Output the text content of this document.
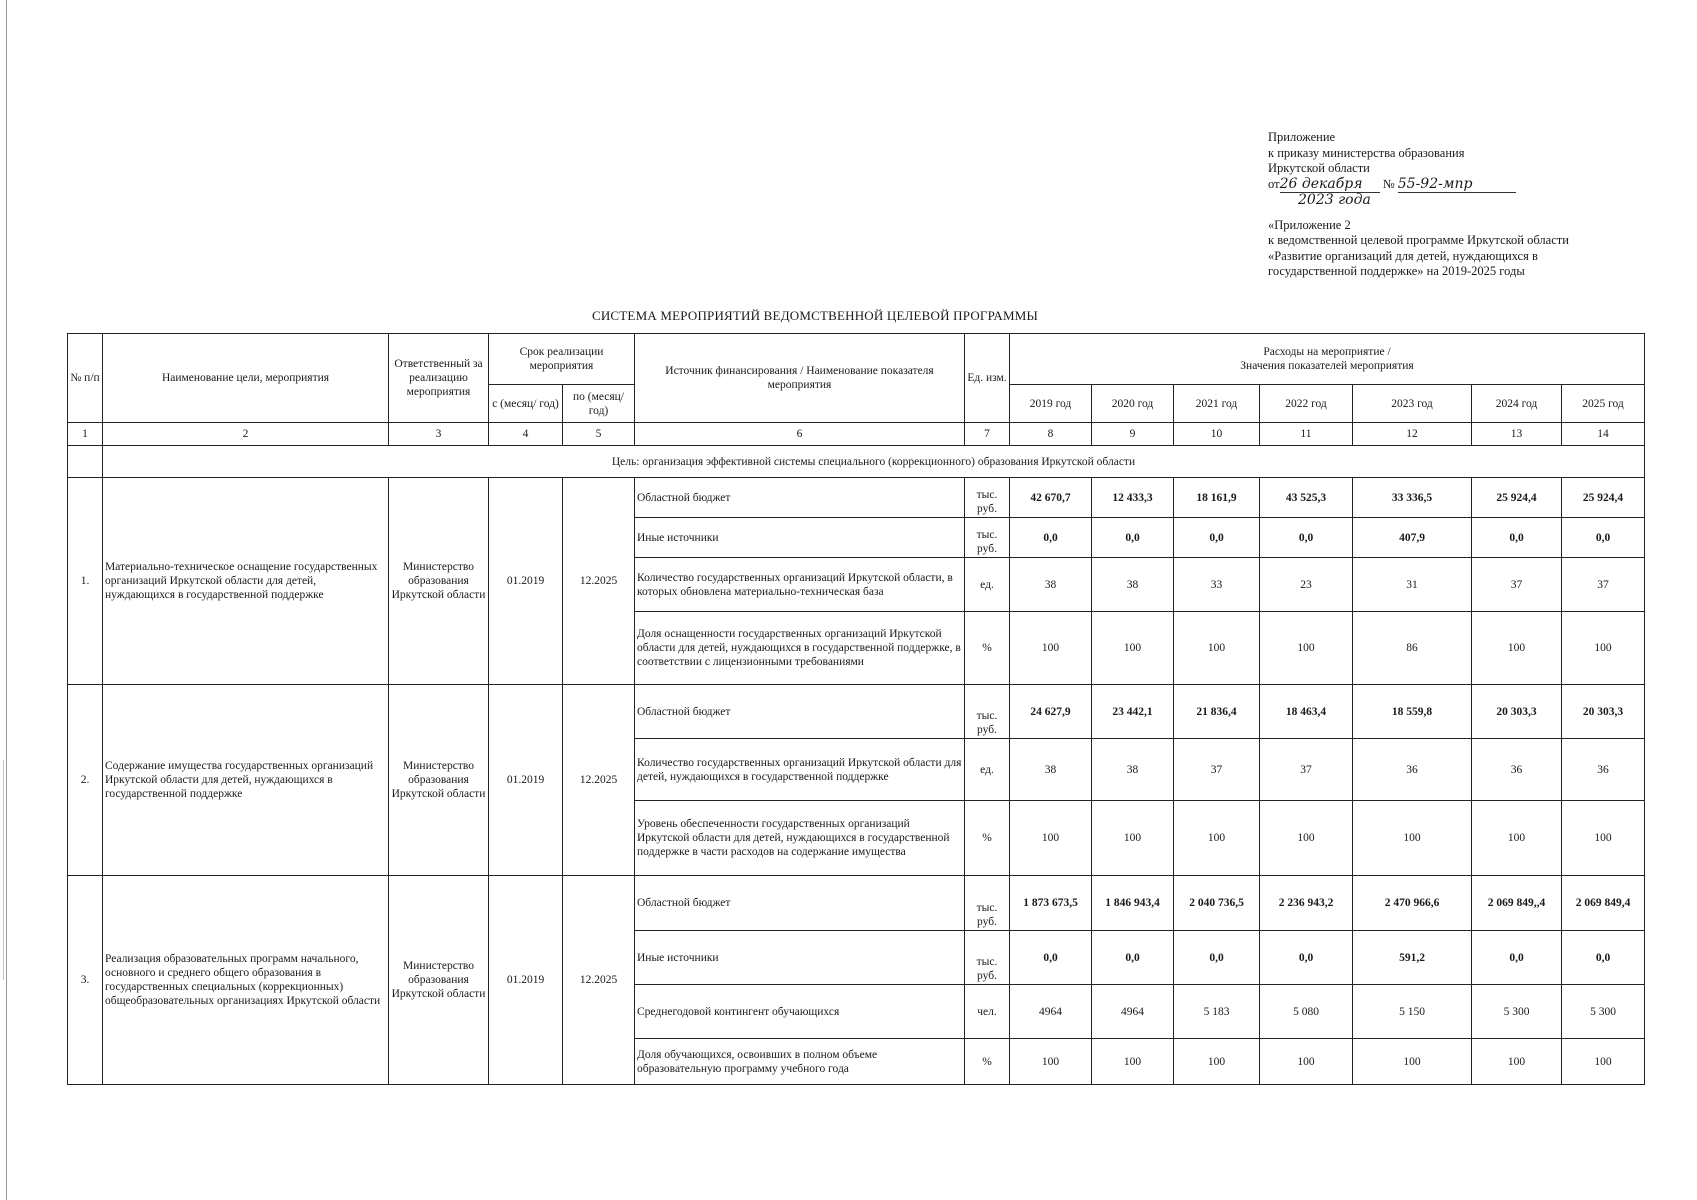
Приложение
к приказу министерства образования
Иркутской области
от26 декабря № 55-92-мпр
2023 года
«Приложение 2
к ведомственной целевой программе Иркутской области
«Развитие организаций для детей, нуждающихся в
государственной поддержке» на 2019-2025 годы
СИСТЕМА МЕРОПРИЯТИЙ ВЕДОМСТВЕННОЙ ЦЕЛЕВОЙ ПРОГРАММЫ
№ п/п	Наименование цели, мероприятия	Ответственный за реализацию мероприятия	Срок реализации мероприятия		Источник финансирования / Наименование показателя мероприятия	Ед. изм.	Расходы на мероприятие /
Значения показателей мероприятия						

			с (месяц/ год)	по (месяц/ год)			2019 год	2020 год	2021 год	2022 год	2023 год	2024 год	2025 год
1	2	3	4	5	6	7	8	9	10	11	12	13	14
	Цель: организация эффективной системы специального (коррекционного) образования Иркутской области												
1.	Материально-техническое оснащение государственных организаций Иркутской области для детей, нуждающихся в государственной поддержке	Министерство образования Иркутской области	01.2019	12.2025	Областной бюджет	тыс. руб.	42 670,7	12 433,3	18 161,9	43 525,3	33 336,5	25 924,4	25 924,4
					Иные источники	тыс. руб.	0,0	0,0	0,0	0,0	407,9	0,0	0,0
					Количество государственных организаций Иркутской области, в которых обновлена материально-техническая база	ед.	38	38	33	23	31	37	37
					Доля оснащенности государственных организаций Иркутской области для детей, нуждающихся в государственной поддержке, в соответствии с лицензионными требованиями	%	100	100	100	100	86	100	100
2.	Содержание имущества государственных организаций Иркутской области для детей, нуждающихся в государственной поддержке	Министерство образования Иркутской области	01.2019	12.2025	Областной бюджет	тыс. руб.	24 627,9	23 442,1	21 836,4	18 463,4	18 559,8	20 303,3	20 303,3
					Количество государственных организаций Иркутской области для детей, нуждающихся в государственной поддержке	ед.	38	38	37	37	36	36	36
					Уровень обеспеченности государственных организаций Иркутской области для детей, нуждающихся в государственной поддержке в части расходов на содержание имущества	%	100	100	100	100	100	100	100
3.	Реализация образовательных программ начального, основного и среднего общего образования в государственных специальных (коррекционных) общеобразовательных организациях Иркутской области	Министерство образования Иркутской области	01.2019	12.2025	Областной бюджет	тыс. руб.	1 873 673,5	1 846 943,4	2 040 736,5	2 236 943,2	2 470 966,6	2 069 849,,4	2 069 849,4
					Иные источники	тыс. руб.	0,0	0,0	0,0	0,0	591,2	0,0	0,0
					Среднегодовой контингент обучающихся	чел.	4964	4964	5 183	5 080	5 150	5 300	5 300
					Доля обучающихся, освоивших в полном объеме образовательную программу учебного года	%	100	100	100	100	100	100	100
